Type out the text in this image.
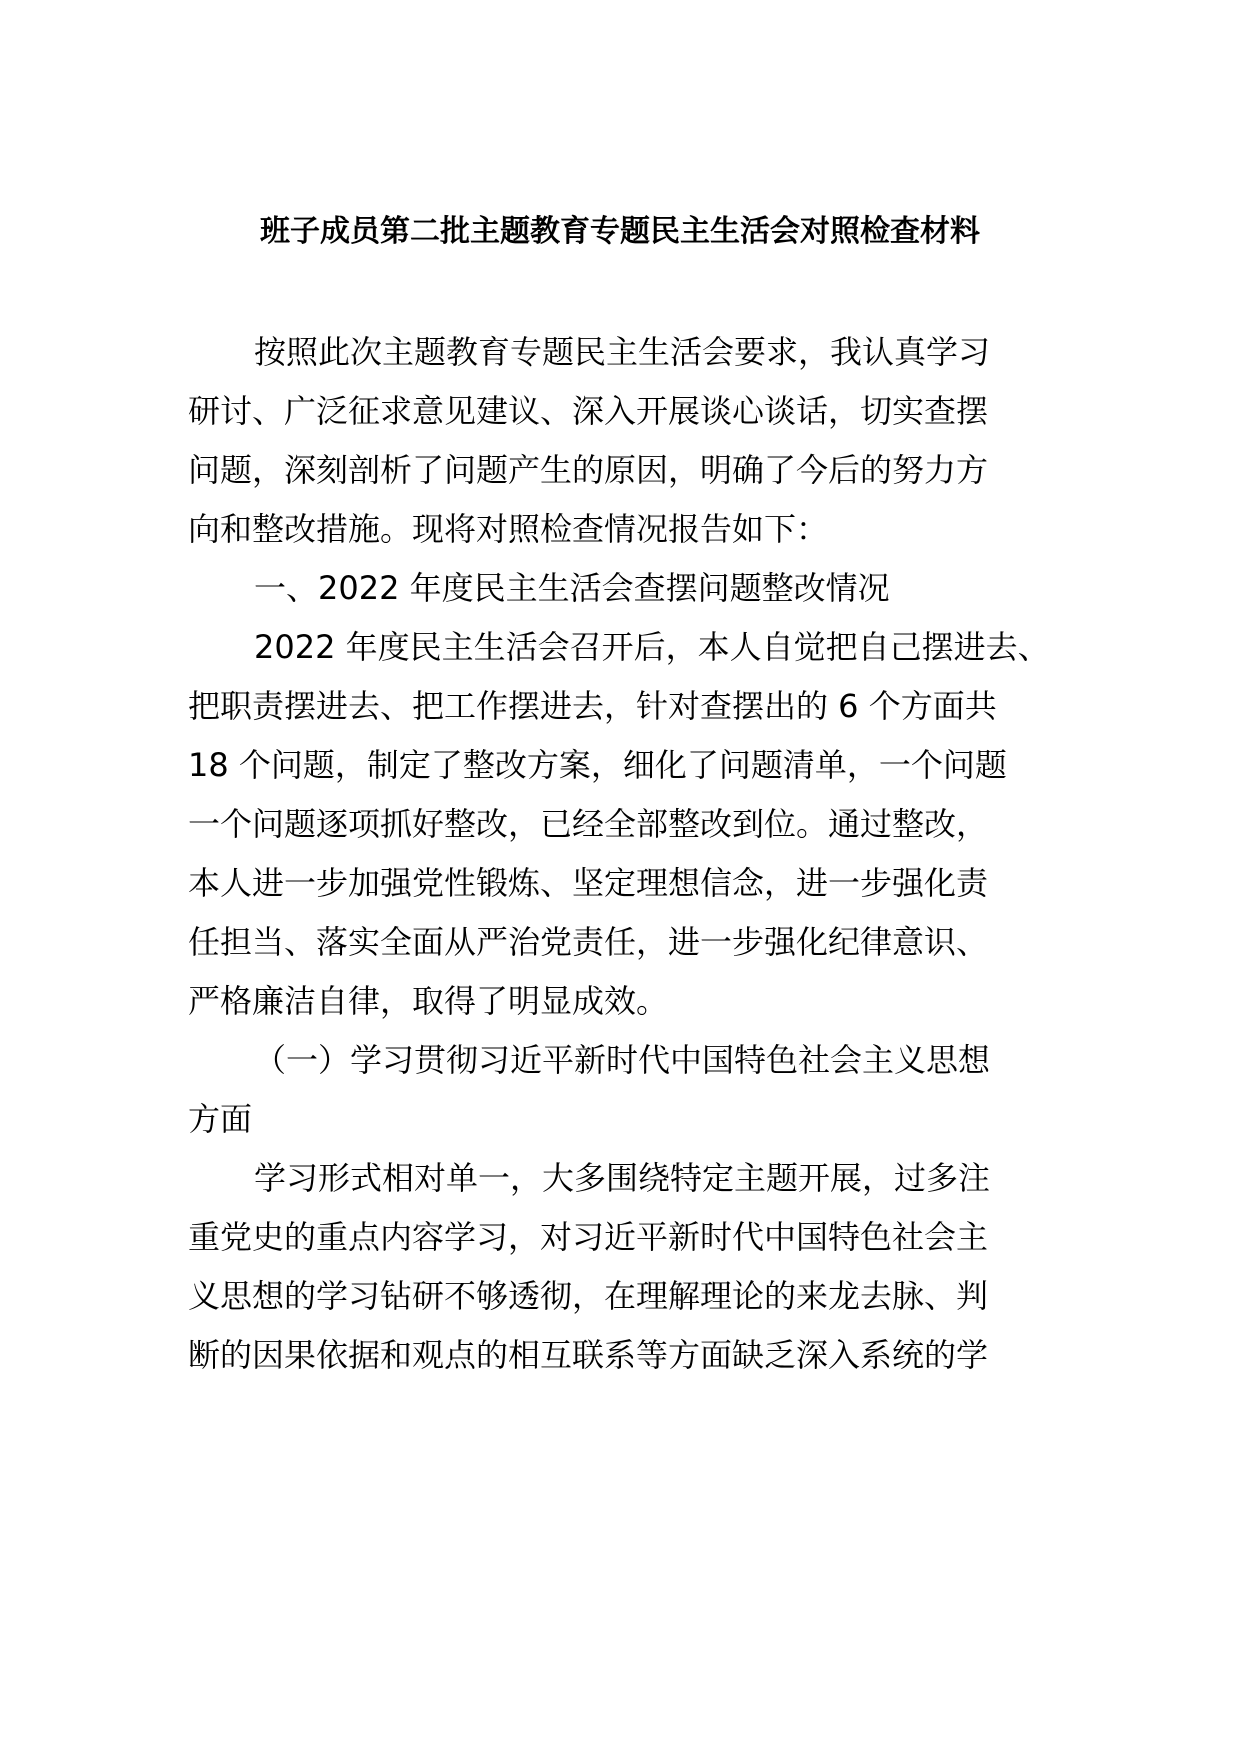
班子成员第二批主题教育专题民主生活会对照检查材料
按照此次主题教育专题民主生活会要求，我认真学习
研讨、广泛征求意见建议、深入开展谈心谈话，切实查摆
问题，深刻剖析了问题产生的原因，明确了今后的努力方
向和整改措施。现将对照检查情况报告如下：
一、2022 年度民主生活会查摆问题整改情况
2022 年度民主生活会召开后，本人自觉把自己摆进去、
把职责摆进去、把工作摆进去，针对查摆出的 6 个方面共
18 个问题，制定了整改方案，细化了问题清单，一个问题
一个问题逐项抓好整改，已经全部整改到位。通过整改，
本人进一步加强党性锻炼、坚定理想信念，进一步强化责
任担当、落实全面从严治党责任，进一步强化纪律意识、
严格廉洁自律，取得了明显成效。
（一）学习贯彻习近平新时代中国特色社会主义思想
方面
学习形式相对单一，大多围绕特定主题开展，过多注
重党史的重点内容学习，对习近平新时代中国特色社会主
义思想的学习钻研不够透彻，在理解理论的来龙去脉、判
断的因果依据和观点的相互联系等方面缺乏深入系统的学
